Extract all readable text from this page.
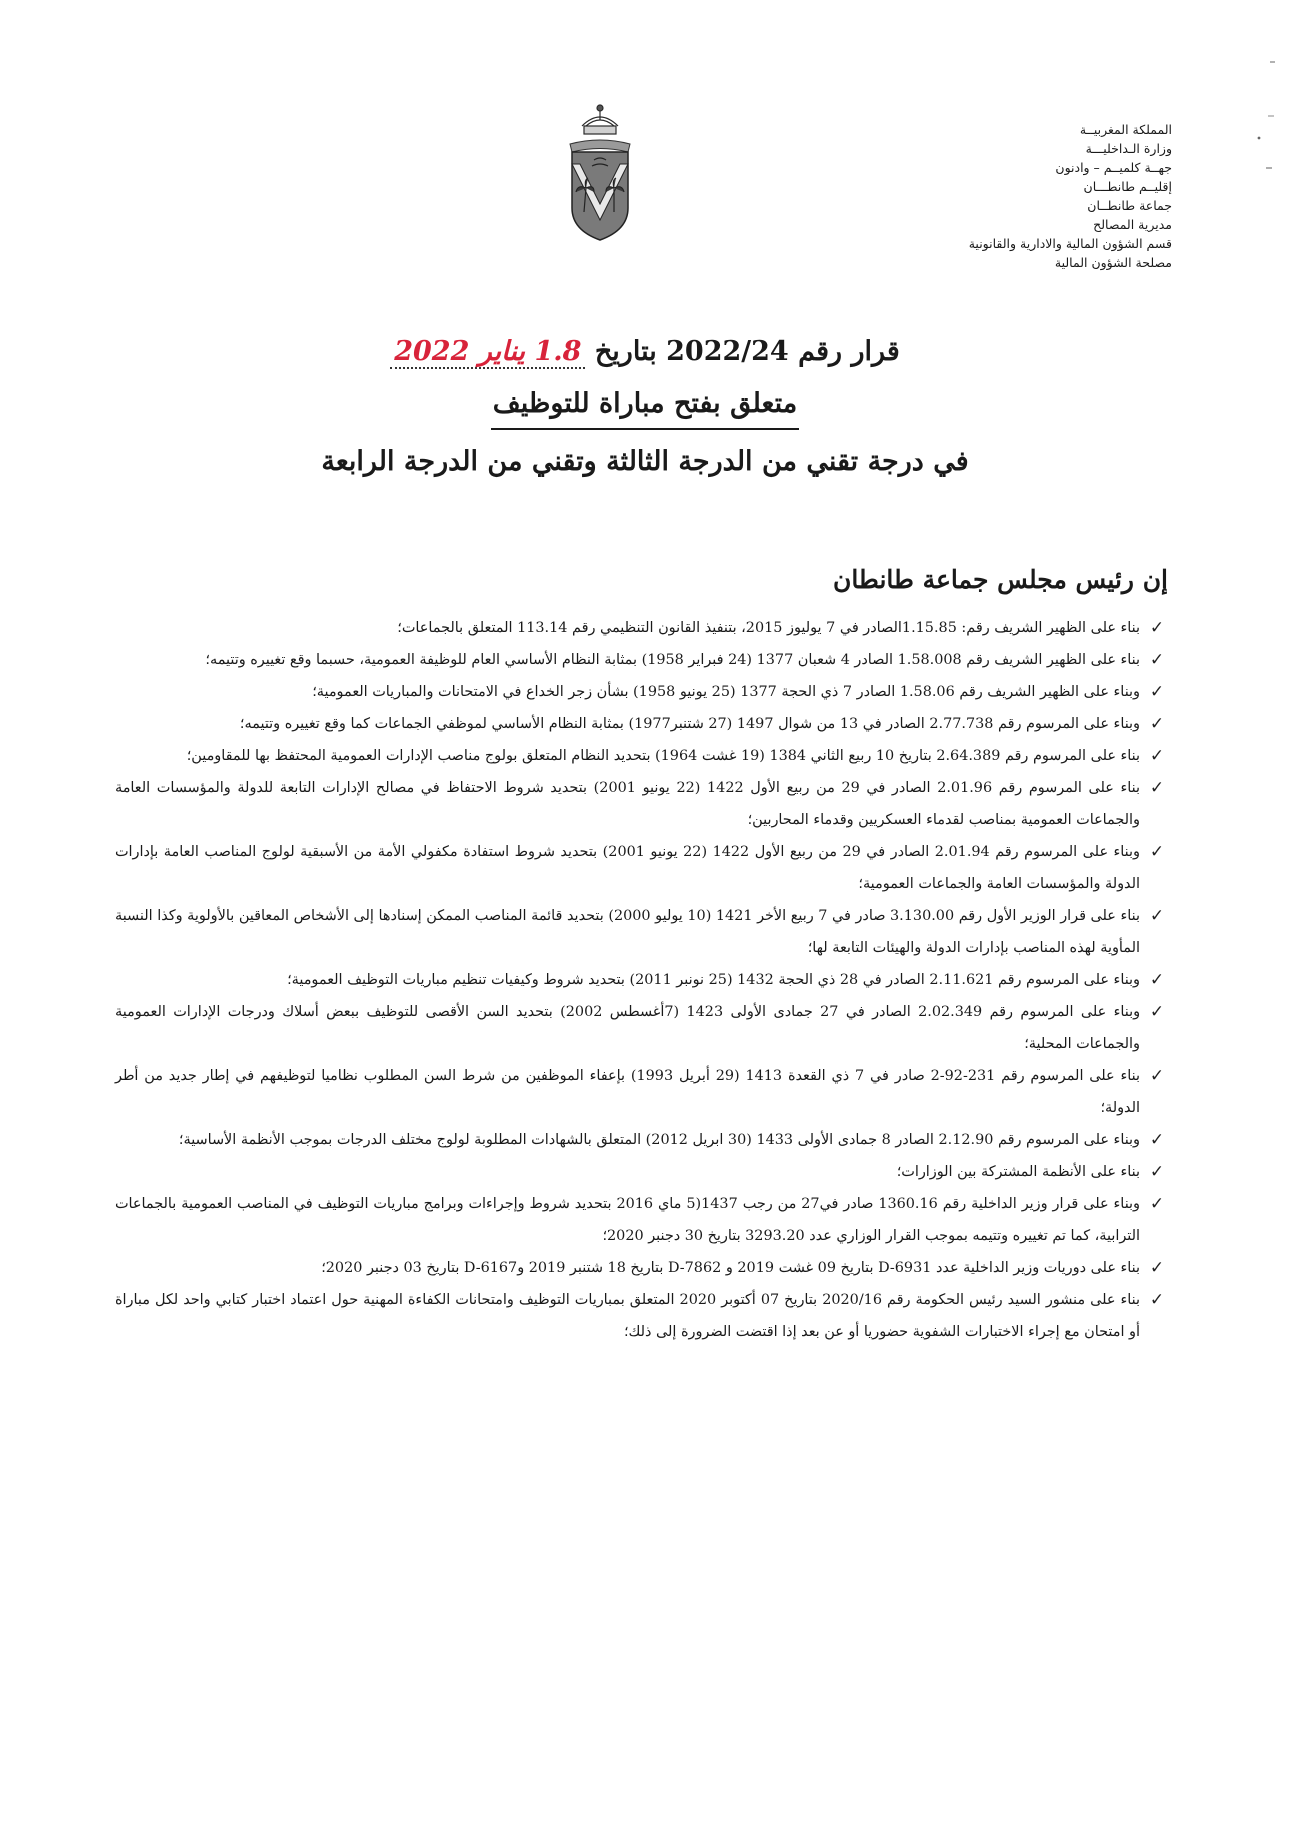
المملكة المغربيــة
وزارة الـداخليـــة
جهــة كلميــم – وادنون
إقليــم طانطـــان
جماعة طانطــان
مديرية المصالح
قسم الشؤون المالية والادارية والقانونية
مصلحة الشؤون المالية
قرار رقم 2022/24 بتاريخ 1.8 يناير 2022
متعلق بفتح مباراة للتوظيف
في درجة تقني من الدرجة الثالثة وتقني من الدرجة الرابعة
إن رئيس مجلس جماعة طانطان
✓
بناء على الظهير الشريف رقم: 1.15.85الصادر في 7 يوليوز 2015، بتنفيذ القانون التنظيمي رقم 113.14 المتعلق بالجماعات؛
✓
بناء على الظهير الشريف رقم 1.58.008 الصادر 4 شعبان 1377 (24 فبراير 1958) بمثابة النظام الأساسي العام للوظيفة العمومية، حسبما وقع تغييره وتتيمه؛
✓
وبناء على الظهير الشريف رقم 1.58.06 الصادر 7 ذي الحجة 1377 (25 يونيو 1958) بشأن زجر الخداع في الامتحانات والمباريات العمومية؛
✓
وبناء على المرسوم رقم 2.77.738 الصادر في 13 من شوال 1497 (27 شتنبر1977) بمثابة النظام الأساسي لموظفي الجماعات كما وقع تغييره وتتيمه؛
✓
بناء على المرسوم رقم 2.64.389 بتاريخ 10 ربيع الثاني 1384 (19 غشت 1964) بتحديد النظام المتعلق بولوج مناصب الإدارات العمومية المحتفظ بها للمقاومين؛
✓
بناء على المرسوم رقم 2.01.96 الصادر في 29 من ربيع الأول 1422 (22 يونيو 2001) بتحديد شروط الاحتفاظ في مصالح الإدارات التابعة للدولة والمؤسسات العامة والجماعات العمومية بمناصب لقدماء العسكريين وقدماء المحاربين؛
✓
وبناء على المرسوم رقم 2.01.94 الصادر في 29 من ربيع الأول 1422 (22 يونيو 2001) بتحديد شروط استفادة مكفولي الأمة من الأسبقية لولوج المناصب العامة بإدارات الدولة والمؤسسات العامة والجماعات العمومية؛
✓
بناء على قرار الوزير الأول رقم 3.130.00 صادر في 7 ربيع الأخر 1421 (10 يوليو 2000) بتحديد قائمة المناصب الممكن إسنادها إلى الأشخاص المعاقين بالأولوية وكذا النسبة المأوية لهذه المناصب بإدارات الدولة والهيئات التابعة لها؛
✓
وبناء على المرسوم رقم 2.11.621 الصادر في 28 ذي الحجة 1432 (25 نونبر 2011) بتحديد شروط وكيفيات تنظيم مباريات التوظيف العمومية؛
✓
وبناء على المرسوم رقم 2.02.349 الصادر في 27 جمادى الأولى 1423 (7أغسطس 2002) بتحديد السن الأقصى للتوظيف ببعض أسلاك ودرجات الإدارات العمومية والجماعات المحلية؛
✓
بناء على المرسوم رقم 231-92-2 صادر في 7 ذي القعدة 1413 (29 أبريل 1993) بإعفاء الموظفين من شرط السن المطلوب نظاميا لتوظيفهم في إطار جديد من أطر الدولة؛
✓
وبناء على المرسوم رقم 2.12.90 الصادر 8 جمادى الأولى 1433 (30 ابريل 2012) المتعلق بالشهادات المطلوبة لولوج مختلف الدرجات بموجب الأنظمة الأساسية؛
✓
بناء على الأنظمة المشتركة بين الوزارات؛
✓
وبناء على قرار وزير الداخلية رقم 1360.16 صادر في27 من رجب 1437(5 ماي 2016 بتحديد شروط وإجراءات وبرامج مباريات التوظيف في المناصب العمومية بالجماعات الترابية، كما تم تغييره وتتيمه بموجب القرار الوزاري عدد 3293.20 بتاريخ 30 دجنبر 2020؛
✓
بناء على دوريات وزير الداخلية عدد D-6931 بتاريخ 09 غشت 2019 و D-7862 بتاريخ 18 شتنبر 2019 وD-6167 بتاريخ 03 دجنبر 2020؛
✓
بناء على منشور السيد رئيس الحكومة رقم 2020/16 بتاريخ 07 أكتوبر 2020 المتعلق بمباريات التوظيف وامتحانات الكفاءة المهنية حول اعتماد اختبار كتابي واحد لكل مباراة أو امتحان مع إجراء الاختبارات الشفوية حضوريا أو عن بعد إذا اقتضت الضرورة إلى ذلك؛
